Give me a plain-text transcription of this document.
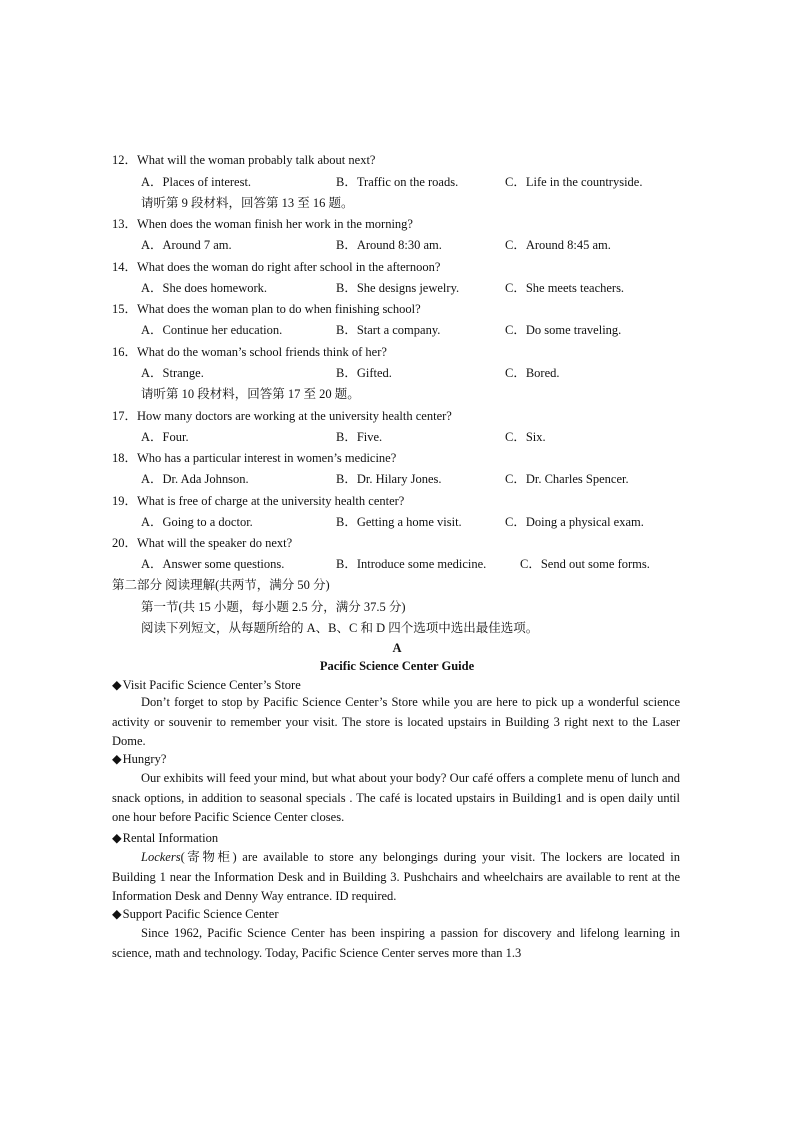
12．What will the woman probably talk about next?
A．Places of interest.	B．Traffic on the roads.	C．Life in the countryside.
请听第 9 段材料，回答第 13 至 16 题。
13．When does the woman finish her work in the morning?
A．Around 7 am.	B．Around 8:30 am.	C．Around 8:45 am.
14．What does the woman do right after school in the afternoon?
A．She does homework.	B．She designs jewelry.	C．She meets teachers.
15．What does the woman plan to do when finishing school?
A．Continue her education.	B．Start a company.	C．Do some traveling.
16．What do the woman’s school friends think of her?
A．Strange.	B．Gifted.	C．Bored.
请听第 10 段材料，回答第 17 至 20 题。
17．How many doctors are working at the university health center?
A．Four.	B．Five.	C．Six.
18．Who has a particular interest in women’s medicine?
A．Dr. Ada Johnson.	B．Dr. Hilary Jones.	C．Dr. Charles Spencer.
19．What is free of charge at the university health center?
A．Going to a doctor.	B．Getting a home visit.	C．Doing a physical exam.
20．What will the speaker do next?
A．Answer some questions.	B．Introduce some medicine.	C．Send out some forms.
第二部分 阅读理解(共两节，满分 50 分)
第一节(共 15 小题，每小题 2.5 分，满分 37.5 分)
阅读下列短文，从每题所给的 A、B、C 和 D 四个选项中选出最佳选项。
A
Pacific Science Center Guide
◆Visit Pacific Science Center’s Store
Don’t forget to stop by Pacific Science Center’s Store while you are here to pick up a wonderful science activity or souvenir to remember your visit. The store is located upstairs in Building 3 right next to the Laser Dome.
◆Hungry?
Our exhibits will feed your mind, but what about your body? Our café offers a complete menu of lunch and snack options, in addition to seasonal specials . The café is located upstairs in Building1 and is open daily until one hour before Pacific Science Center closes.
◆Rental Information
Lockers(寄物柜) are available to store any belongings during your visit. The lockers are located in Building 1 near the Information Desk and in Building 3. Pushchairs and wheelchairs are available to rent at the Information Desk and Denny Way entrance. ID required.
◆Support Pacific Science Center
Since 1962, Pacific Science Center has been inspiring a passion for discovery and lifelong learning in science, math and technology. Today, Pacific Science Center serves more than 1.3
